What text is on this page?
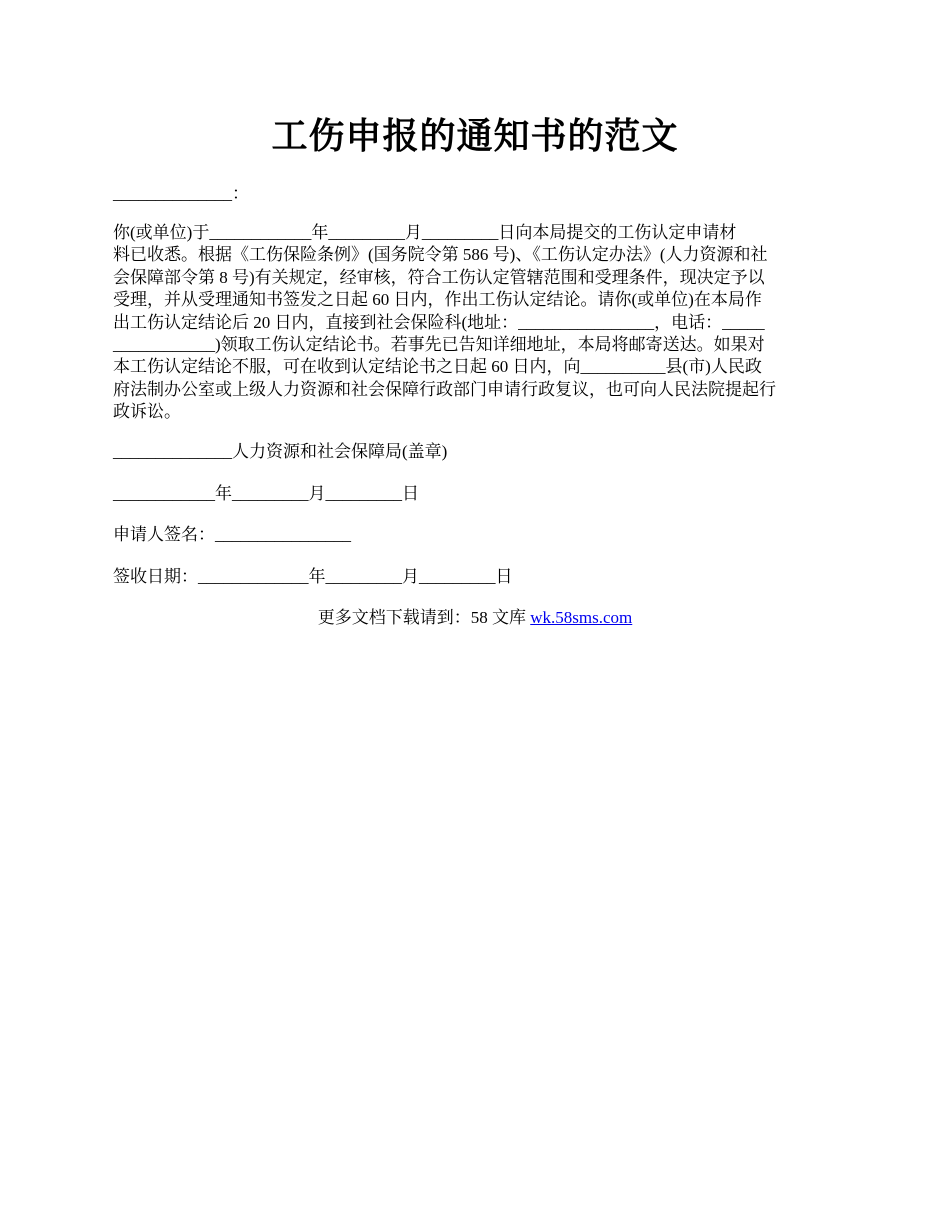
工伤申报的通知书的范文

______________：

你(或单位)于____________年_________月_________日向本局提交的工伤认定申请材
料已收悉。根据《工伤保险条例》(国务院令第 586 号)、《工伤认定办法》(人力资源和社
会保障部令第 8 号)有关规定，经审核，符合工伤认定管辖范围和受理条件，现决定予以
受理，并从受理通知书签发之日起 60 日内，作出工伤认定结论。请你(或单位)在本局作
出工伤认定结论后 20 日内，直接到社会保险科(地址：________________，电话：_____
____________)领取工伤认定结论书。若事先已告知详细地址，本局将邮寄送达。如果对
本工伤认定结论不服，可在收到认定结论书之日起 60 日内，向__________县(市)人民政
府法制办公室或上级人力资源和社会保障行政部门申请行政复议，也可向人民法院提起行
政诉讼。

______________人力资源和社会保障局(盖章)

____________年_________月_________日

申请人签名：________________

签收日期：_____________年_________月_________日

更多文档下载请到：58 文库 wk.58sms.com
